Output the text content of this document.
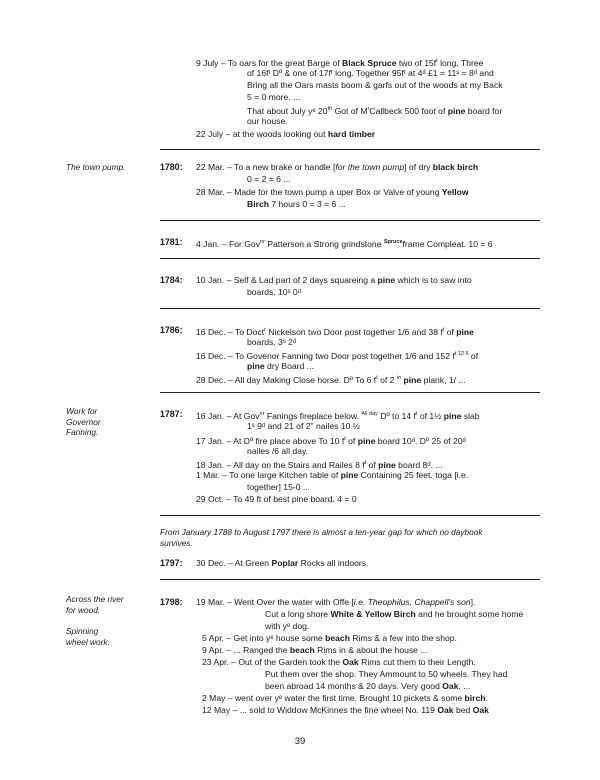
9 July – To oars for the great Barge of Black Spruce two of $15f^t$ long, Three
of 16fᵗ Dº & one of 17fᵗ long. Together 95fᵗ at 4ᵈ £1 = 11ˢ = 8ᵈ and
Bring all the Oars masts boom & garfs out of the woods at my Back
5 = 0 more. ...
That about July yᵉ 20th Got of $M^rCallbeck$ 500 foot of pine board for
our house.
22 July – at the woods looking out hard timber
The town pump.	1780: 22 Mar. – To a new brake or handle [for the town pump] of dry black birch
0 = 2 = 6 ...
28 Mar. – Made for the town pump a uper Box or Valve of young Yellow
Birch 7 hours 0 = 3 = 6 ...
1781: 4 Jan. – For Gov$^{nr}$ Patterson a Strong grindstone $^{Spruce}$frame Compleat. 10 = 6
1784: 10 Jan. – Self & Lad part of 2 days squareing a pine which is to saw into
boards. 10ˢ 0ᵈ
1786: 16 Dec. – To Doct$^r$ Nickelson two Door post together 1/6 and 38 $f^t$ of pine
boards. 3ˢ 2ᵈ
16 Dec. – To Govenor Fanning two Door post together 1/6 and 152 $f^{t 12 6}$ of
pine dry Board ...
28 Dec. – All day Making Close horse. Dº To 6 $f^t$ of 2 $^{in}$ pine plank, 1/ ...
Work for
Governor
Fanning.
1787: 16 Jan. – At Gov$^{nr}$ Fanings fireplace below. $^{All day}$ Dº to 14 $f^t$ of 1½ pine slab
1ˢ 9ᵈ and 21 of 2" nailes 10 ½
17 Jan. – At Dº fire place above To 10 $f^t$ of pine board 10ᵈ. Dº 25 of 20ᵈ
nailes /6 all day.
18 Jan. – All day on the Stairs and Railes 8 $f^t$ of pine board 8ᵈ. ...
1 Mar. – To one large Kitchen table of pine Containing 25 feet. toga [i.e.
together] 15-0 ...
29 Oct. – To 49 ft of best pine board. 4 = 0
From January 1788 to August 1797 there is almost a ten-year gap for which no daybook
survives.
1797: 30 Dec. – At Green Poplar Rocks all indoors.
Across the river
for wood.
Spinning
wheel work.
1798: 19 Mar. – Went Over the water with Offe [i.e. Theophilus, Chappell's son].
Cut a long shore White & Yellow Birch and he brought some home
with yᵉ dog.
5 Apr. – Get into yᵉ house some beach Rims & a few into the shop.
9 Apr. – ... Ranged the beach Rims in & about the house ...
23 Apr. – Out of the Garden took the Oak Rims cut them to their Length.
Put them over the shop. They Ammount to 50 wheels. They had
been abroad 14 months & 20 days. Very good Oak. ...
2 May – went over yᵉ water the first time. Brought 10 pickets & some birch.
12 May – ... sold to Widdow McKinnes the fine wheel No. 119 Oak bed Oak
39
